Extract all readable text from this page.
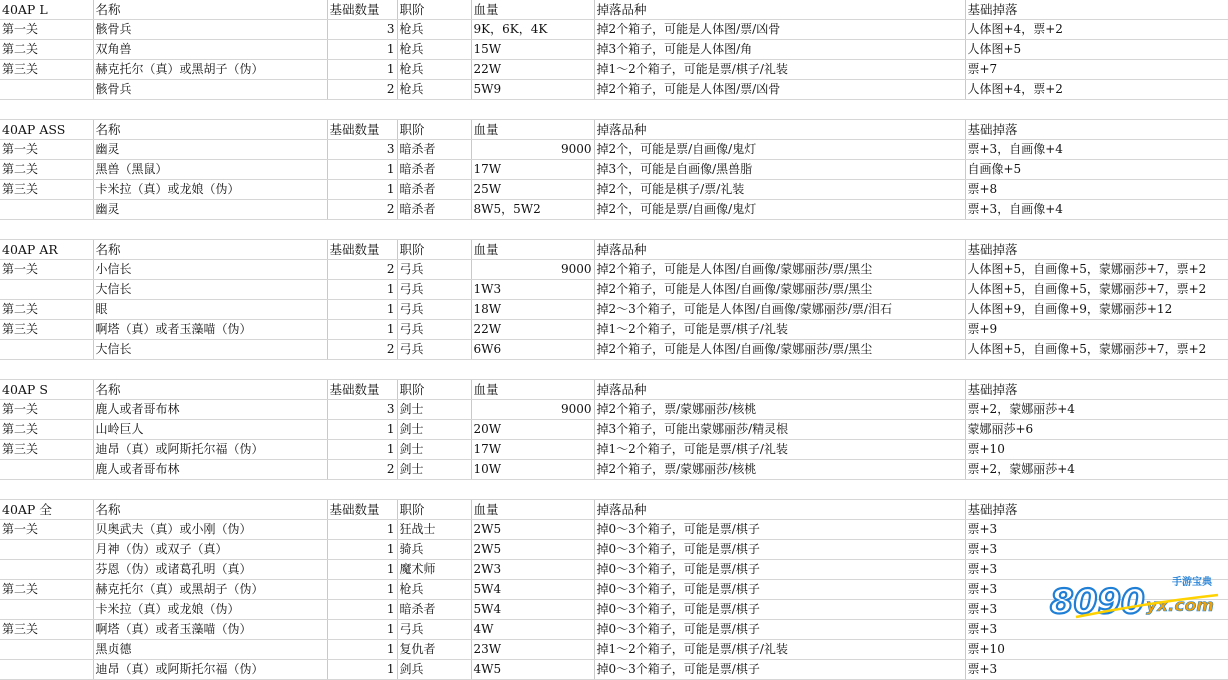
40AP L	名称	基础数量	职阶	血量	掉落品种	基础掉落
第一关	骸骨兵	3	枪兵	9K，6K，4K	掉2个箱子，可能是人体图/票/凶骨	人体图+4，票+2
第二关	双角兽	1	枪兵	15W	掉3个箱子，可能是人体图/角	人体图+5
第三关	赫克托尔（真）或黑胡子（伪）	1	枪兵	22W	掉1～2个箱子，可能是票/棋子/礼装	票+7
	骸骨兵	2	枪兵	5W9	掉2个箱子，可能是人体图/票/凶骨	人体图+4，票+2

40AP ASS	名称	基础数量	职阶	血量	掉落品种	基础掉落
第一关	幽灵	3	暗杀者	9000	掉2个，可能是票/自画像/鬼灯	票+3，自画像+4
第二关	黑兽（黑鼠）	1	暗杀者	17W	掉3个，可能是自画像/黑兽脂	自画像+5
第三关	卡米拉（真）或龙娘（伪）	1	暗杀者	25W	掉2个，可能是棋子/票/礼装	票+8
	幽灵	2	暗杀者	8W5，5W2	掉2个，可能是票/自画像/鬼灯	票+3，自画像+4

40AP AR	名称	基础数量	职阶	血量	掉落品种	基础掉落
第一关	小信长	2	弓兵	9000	掉2个箱子，可能是人体图/自画像/蒙娜丽莎/票/黑尘	人体图+5，自画像+5，蒙娜丽莎+7，票+2
	大信长	1	弓兵	1W3	掉2个箱子，可能是人体图/自画像/蒙娜丽莎/票/黑尘	人体图+5，自画像+5，蒙娜丽莎+7，票+2
第二关	眼	1	弓兵	18W	掉2～3个箱子，可能是人体图/自画像/蒙娜丽莎/票/泪石	人体图+9，自画像+9，蒙娜丽莎+12
第三关	啊塔（真）或者玉藻喵（伪）	1	弓兵	22W	掉1～2个箱子，可能是票/棋子/礼装	票+9
	大信长	2	弓兵	6W6	掉2个箱子，可能是人体图/自画像/蒙娜丽莎/票/黑尘	人体图+5，自画像+5，蒙娜丽莎+7，票+2

40AP S	名称	基础数量	职阶	血量	掉落品种	基础掉落
第一关	鹿人或者哥布林	3	剑士	9000	掉2个箱子，票/蒙娜丽莎/核桃	票+2，蒙娜丽莎+4
第二关	山岭巨人	1	剑士	20W	掉3个箱子，可能出蒙娜丽莎/精灵根	蒙娜丽莎+6
第三关	迪昂（真）或阿斯托尔福（伪）	1	剑士	17W	掉1～2个箱子，可能是票/棋子/礼装	票+10
	鹿人或者哥布林	2	剑士	10W	掉2个箱子，票/蒙娜丽莎/核桃	票+2，蒙娜丽莎+4

40AP 全	名称	基础数量	职阶	血量	掉落品种	基础掉落
第一关	贝奥武夫（真）或小刚（伪）	1	狂战士	2W5	掉0～3个箱子，可能是票/棋子	票+3
	月神（伪）或双子（真）	1	骑兵	2W5	掉0～3个箱子，可能是票/棋子	票+3
	芬恩（伪）或诸葛孔明（真）	1	魔术师	2W3	掉0～3个箱子，可能是票/棋子	票+3
第二关	赫克托尔（真）或黑胡子（伪）	1	枪兵	5W4	掉0～3个箱子，可能是票/棋子	票+3
	卡米拉（真）或龙娘（伪）	1	暗杀者	5W4	掉0～3个箱子，可能是票/棋子	票+3
第三关	啊塔（真）或者玉藻喵（伪）	1	弓兵	4W	掉0～3个箱子，可能是票/棋子	票+3
	黑贞德	1	复仇者	23W	掉1～2个箱子，可能是票/棋子/礼装	票+10
	迪昂（真）或阿斯托尔福（伪）	1	剑兵	4W5	掉0～3个箱子，可能是票/棋子	票+3
手游宝典
8090 yx.com
